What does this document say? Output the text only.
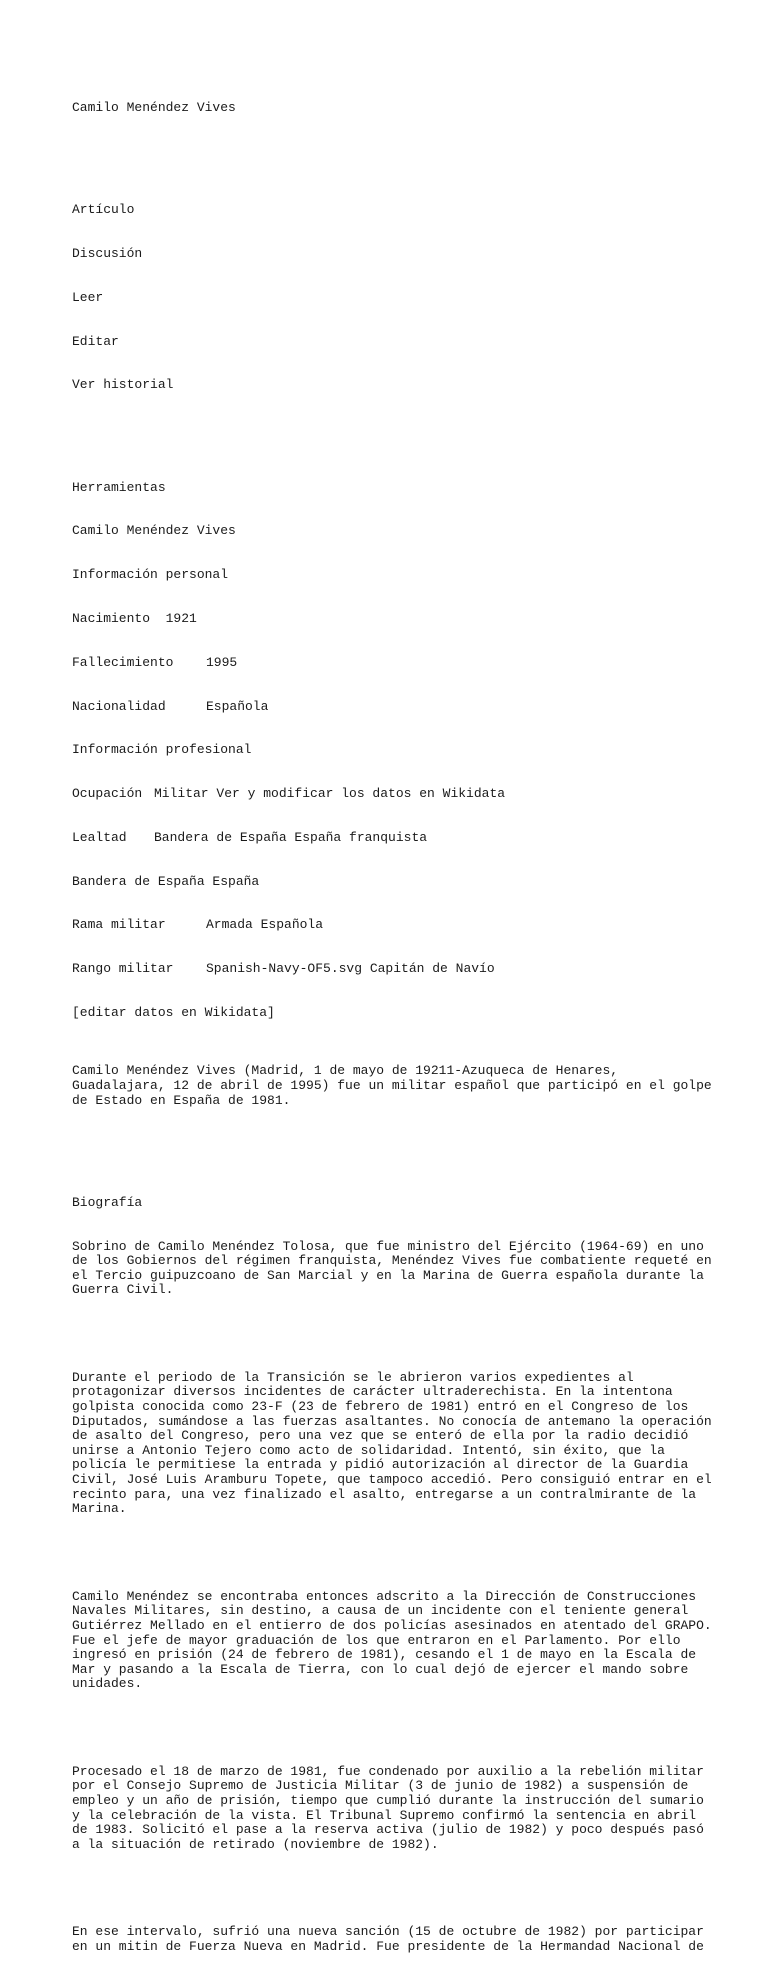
Camilo Menéndez Vives

Artículo

Discusión

Leer

Editar

Ver historial

Herramientas

Camilo Menéndez Vives

Información personal

Nacimiento 1921

Fallecimiento	1995

Nacionalidad	Española

Información profesional

Ocupación Militar Ver y modificar los datos en Wikidata

Lealtad Bandera de España España franquista

Bandera de España España

Rama militar	Armada Española

Rango militar	Spanish-Navy-OF5.svg Capitán de Navío

[editar datos en Wikidata]

Camilo Menéndez Vives (Madrid, 1 de mayo de 19211-Azuqueca de Henares, Guadalajara, 12 de abril de 1995) fue un militar español que participó en el golpe de Estado en España de 1981.

Biografía

Sobrino de Camilo Menéndez Tolosa, que fue ministro del Ejército (1964-69) en uno de los Gobiernos del régimen franquista, Menéndez Vives fue combatiente requeté en el Tercio guipuzcoano de San Marcial y en la Marina de Guerra española durante la Guerra Civil.

Durante el periodo de la Transición se le abrieron varios expedientes al protagonizar diversos incidentes de carácter ultraderechista. En la intentona golpista conocida como 23-F (23 de febrero de 1981) entró en el Congreso de los Diputados, sumándose a las fuerzas asaltantes. No conocía de antemano la operación de asalto del Congreso, pero una vez que se enteró de ella por la radio decidió unirse a Antonio Tejero como acto de solidaridad. Intentó, sin éxito, que la policía le permitiese la entrada y pidió autorización al director de la Guardia Civil, José Luis Aramburu Topete, que tampoco accedió. Pero consiguió entrar en el recinto para, una vez finalizado el asalto, entregarse a un contralmirante de la Marina.

Camilo Menéndez se encontraba entonces adscrito a la Dirección de Construcciones Navales Militares, sin destino, a causa de un incidente con el teniente general Gutiérrez Mellado en el entierro de dos policías asesinados en atentado del GRAPO. Fue el jefe de mayor graduación de los que entraron en el Parlamento. Por ello ingresó en prisión (24 de febrero de 1981), cesando el 1 de mayo en la Escala de Mar y pasando a la Escala de Tierra, con lo cual dejó de ejercer el mando sobre unidades.

Procesado el 18 de marzo de 1981, fue condenado por auxilio a la rebelión militar por el Consejo Supremo de Justicia Militar (3 de junio de 1982) a suspensión de empleo y un año de prisión, tiempo que cumplió durante la instrucción del sumario y la celebración de la vista. El Tribunal Supremo confirmó la sentencia en abril de 1983. Solicitó el pase a la reserva activa (julio de 1982) y poco después pasó a la situación de retirado (noviembre de 1982).

En ese intervalo, sufrió una nueva sanción (15 de octubre de 1982) por participar en un mitin de Fuerza Nueva en Madrid. Fue presidente de la Hermandad Nacional de
